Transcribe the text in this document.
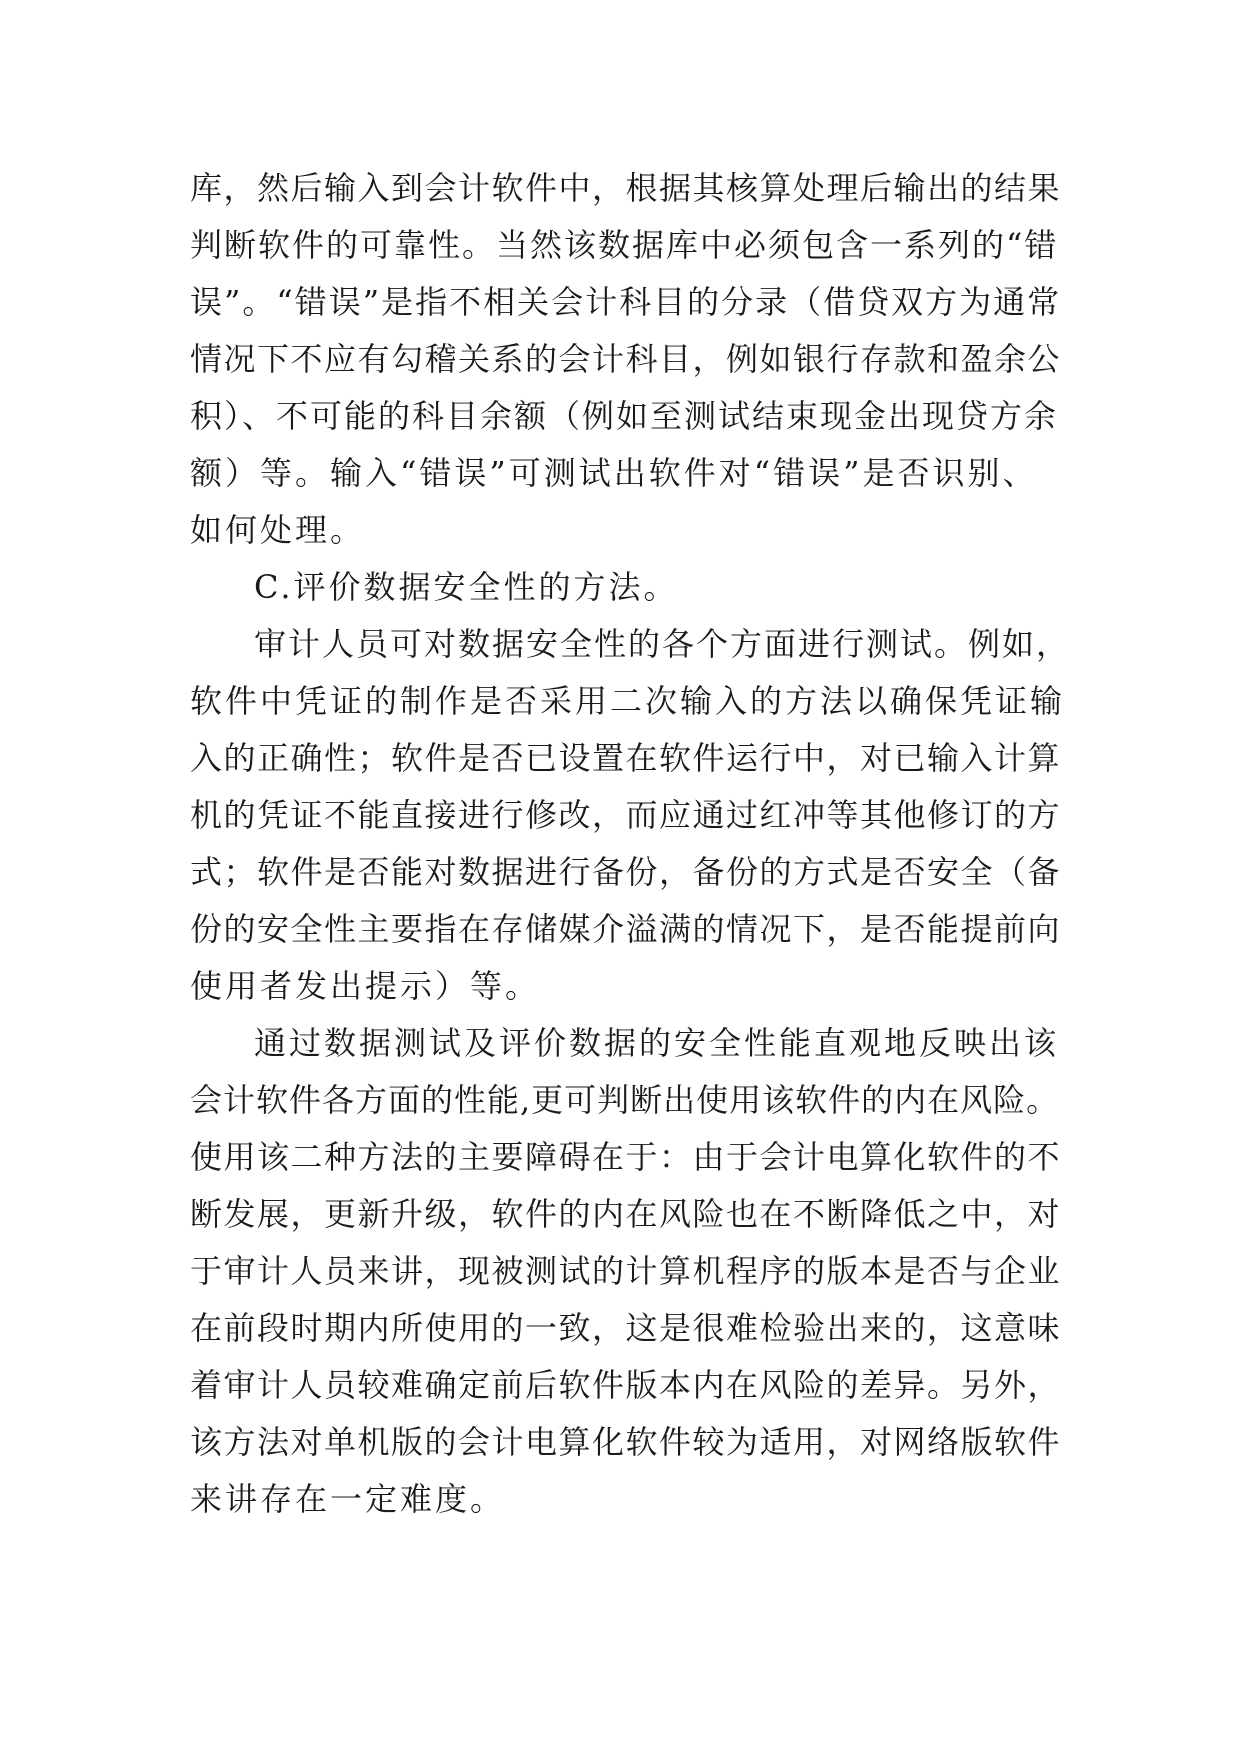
库，然后输入到会计软件中，根据其核算处理后输出的结果
判断软件的可靠性。当然该数据库中必须包含一系列的“错
误”。“错误”是指不相关会计科目的分录（借贷双方为通常
情况下不应有勾稽关系的会计科目，例如银行存款和盈余公
积）、不可能的科目余额（例如至测试结束现金出现贷方余
额）等。输入“错误”可测试出软件对“错误”是否识别、
如何处理。
C.评价数据安全性的方法。
审计人员可对数据安全性的各个方面进行测试。例如，
软件中凭证的制作是否采用二次输入的方法以确保凭证输
入的正确性；软件是否已设置在软件运行中，对已输入计算
机的凭证不能直接进行修改，而应通过红冲等其他修订的方
式；软件是否能对数据进行备份，备份的方式是否安全（备
份的安全性主要指在存储媒介溢满的情况下，是否能提前向
使用者发出提示）等。
通过数据测试及评价数据的安全性能直观地反映出该
会计软件各方面的性能,更可判断出使用该软件的内在风险。
使用该二种方法的主要障碍在于：由于会计电算化软件的不
断发展，更新升级，软件的内在风险也在不断降低之中，对
于审计人员来讲，现被测试的计算机程序的版本是否与企业
在前段时期内所使用的一致，这是很难检验出来的，这意味
着审计人员较难确定前后软件版本内在风险的差异。另外，
该方法对单机版的会计电算化软件较为适用，对网络版软件
来讲存在一定难度。
